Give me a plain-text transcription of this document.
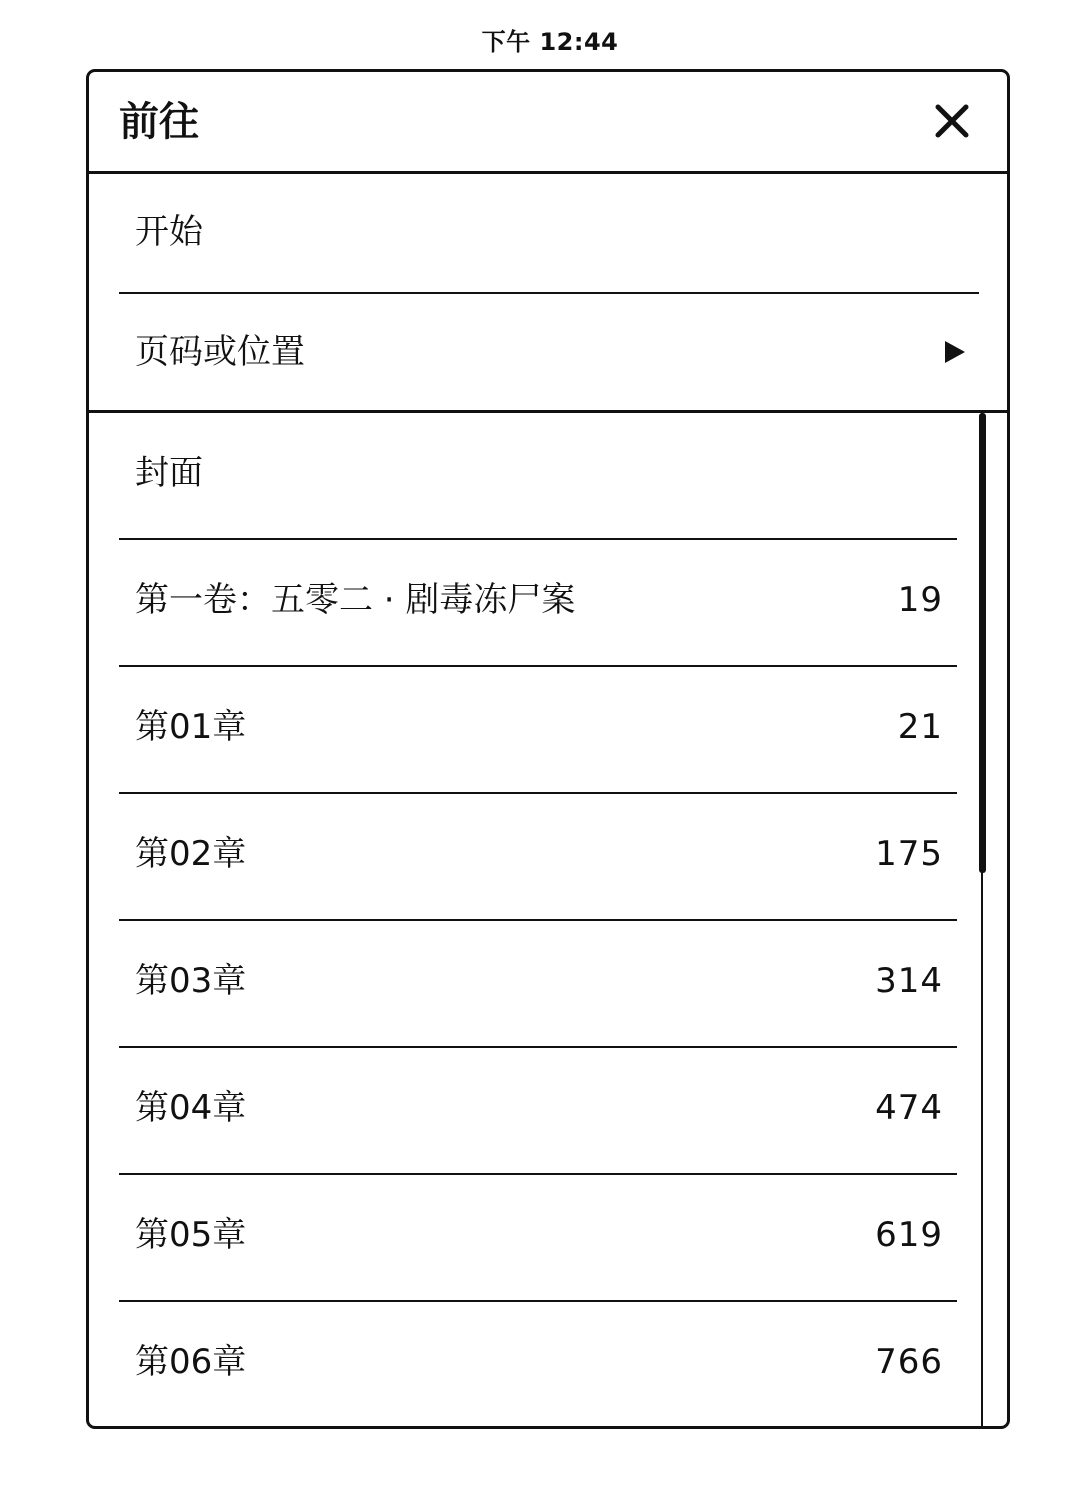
下午 12:44
前往
开始
页码或位置
封面
第一卷：五零二 · 剧毒冻尸案	19
第01章	21
第02章	175
第03章	314
第04章	474
第05章	619
第06章	766
